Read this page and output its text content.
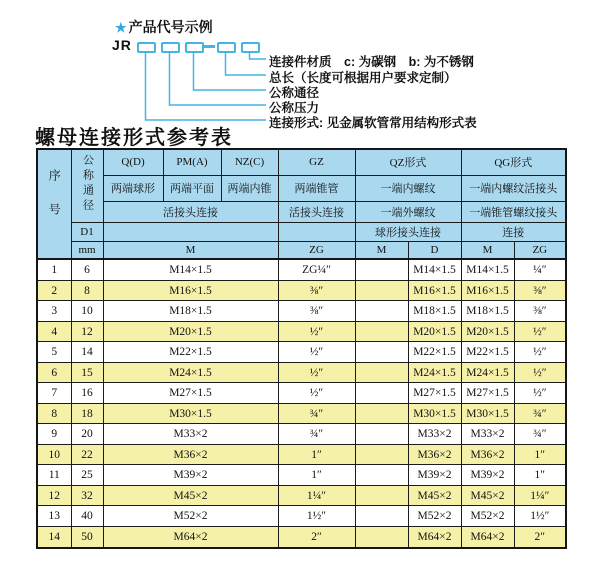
★ 产品代号示例
JR
连接件材质　c: 为碳钢　b: 为不锈钢
总长（长度可根据用户要求定制）
公称通径
公称压力
连接形式: 见金属软管常用结构形式表
螺母连接形式参考表
序号	公称通径	Q(D)	PM(A)	NZ(C)	GZ	QZ形式		QG形式	
		两端球形	两端平面	两端内锥	两端锥管	一端内螺纹		一端内螺纹活接头	
		活接头连接			活接头连接	一端外螺纹		一端锥管螺纹接头	
	D1					球形接头连接		连接	
	mm	M			ZG	M	D	M	ZG
1	6	M14×1.5			ZG¼″		M14×1.5	M14×1.5	¼″
2	8	M16×1.5			⅜″		M16×1.5	M16×1.5	⅜″
3	10	M18×1.5			⅜″		M18×1.5	M18×1.5	⅜″
4	12	M20×1.5			½″		M20×1.5	M20×1.5	½″
5	14	M22×1.5			½″		M22×1.5	M22×1.5	½″
6	15	M24×1.5			½″		M24×1.5	M24×1.5	½″
7	16	M27×1.5			½″		M27×1.5	M27×1.5	½″
8	18	M30×1.5			¾″		M30×1.5	M30×1.5	¾″
9	20	M33×2			¾″		M33×2	M33×2	¾″
10	22	M36×2			1″		M36×2	M36×2	1″
11	25	M39×2			1″		M39×2	M39×2	1″
12	32	M45×2			1¼″		M45×2	M45×2	1¼″
13	40	M52×2			1½″		M52×2	M52×2	1½″
14	50	M64×2			2″		M64×2	M64×2	2″
